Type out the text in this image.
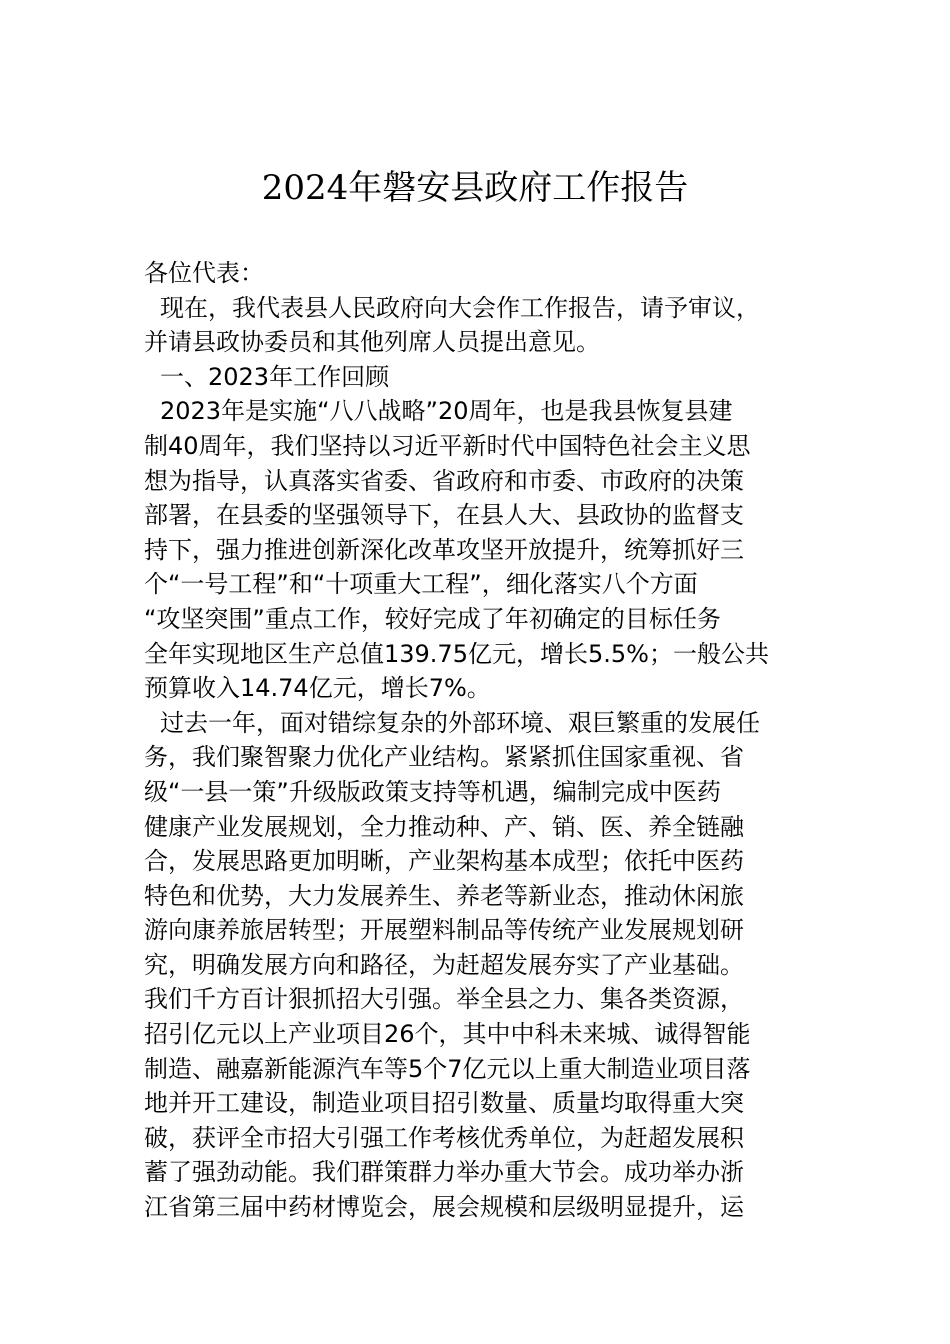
2024年磐安县政府工作报告
各位代表：
现在，我代表县人民政府向大会作工作报告，请予审议，
并请县政协委员和其他列席人员提出意见。
一、2023年工作回顾
2023年是实施“八八战略”20周年，也是我县恢复县建
制40周年，我们坚持以习近平新时代中国特色社会主义思
想为指导，认真落实省委、省政府和市委、市政府的决策
部署，在县委的坚强领导下，在县人大、县政协的监督支
持下，强力推进创新深化改革攻坚开放提升，统筹抓好三
个“一号工程”和“十项重大工程”，细化落实八个方面
“攻坚突围”重点工作，较好完成了年初确定的目标任务
全年实现地区生产总值139.75亿元，增长5.5%；一般公共
预算收入14.74亿元，增长7%。
过去一年，面对错综复杂的外部环境、艰巨繁重的发展任
务，我们聚智聚力优化产业结构。紧紧抓住国家重视、省
级“一县一策”升级版政策支持等机遇，编制完成中医药
健康产业发展规划，全力推动种、产、销、医、养全链融
合，发展思路更加明晰，产业架构基本成型；依托中医药
特色和优势，大力发展养生、养老等新业态，推动休闲旅
游向康养旅居转型；开展塑料制品等传统产业发展规划研
究，明确发展方向和路径，为赶超发展夯实了产业基础。
我们千方百计狠抓招大引强。举全县之力、集各类资源，
招引亿元以上产业项目26个，其中中科未来城、诚得智能
制造、融嘉新能源汽车等5个7亿元以上重大制造业项目落
地并开工建设，制造业项目招引数量、质量均取得重大突
破，获评全市招大引强工作考核优秀单位，为赶超发展积
蓄了强劲动能。我们群策群力举办重大节会。成功举办浙
江省第三届中药材博览会，展会规模和层级明显提升，运
